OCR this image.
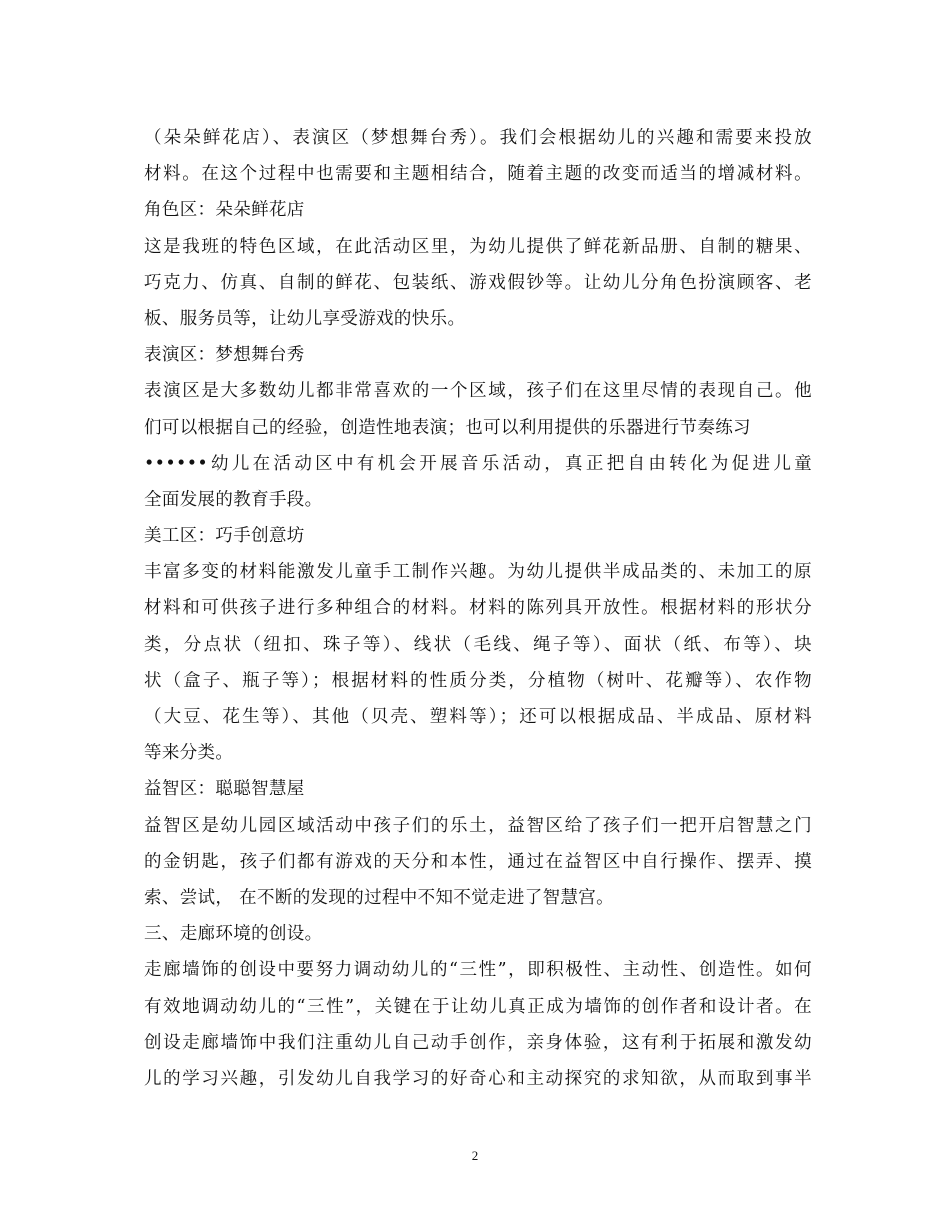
（朵朵鲜花店）、表演区（梦想舞台秀）。我们会根据幼儿的兴趣和需要来投放
材料。在这个过程中也需要和主题相结合，随着主题的改变而适当的增减材料。
角色区：朵朵鲜花店
这是我班的特色区域，在此活动区里，为幼儿提供了鲜花新品册、自制的糖果、
巧克力、仿真、自制的鲜花、包装纸、游戏假钞等。让幼儿分角色扮演顾客、老
板、服务员等，让幼儿享受游戏的快乐。
表演区：梦想舞台秀
表演区是大多数幼儿都非常喜欢的一个区域，孩子们在这里尽情的表现自己。他
们可以根据自己的经验，创造性地表演；也可以利用提供的乐器进行节奏练习
••••••幼儿在活动区中有机会开展音乐活动，真正把自由转化为促进儿童
全面发展的教育手段。
美工区：巧手创意坊
丰富多变的材料能激发儿童手工制作兴趣。为幼儿提供半成品类的、未加工的原
材料和可供孩子进行多种组合的材料。材料的陈列具开放性。根据材料的形状分
类，分点状（纽扣、珠子等）、线状（毛线、绳子等）、面状（纸、布等）、块
状（盒子、瓶子等）；根据材料的性质分类，分植物（树叶、花瓣等）、农作物
（大豆、花生等）、其他（贝壳、塑料等）；还可以根据成品、半成品、原材料
等来分类。
益智区：聪聪智慧屋
益智区是幼儿园区域活动中孩子们的乐土，益智区给了孩子们一把开启智慧之门
的金钥匙，孩子们都有游戏的天分和本性，通过在益智区中自行操作、摆弄、摸
索、尝试， 在不断的发现的过程中不知不觉走进了智慧宫。
三、走廊环境的创设。
走廊墙饰的创设中要努力调动幼儿的“三性”，即积极性、主动性、创造性。如何
有效地调动幼儿的“三性”，关键在于让幼儿真正成为墙饰的创作者和设计者。在
创设走廊墙饰中我们注重幼儿自己动手创作，亲身体验，这有利于拓展和激发幼
儿的学习兴趣，引发幼儿自我学习的好奇心和主动探究的求知欲，从而取到事半
2
